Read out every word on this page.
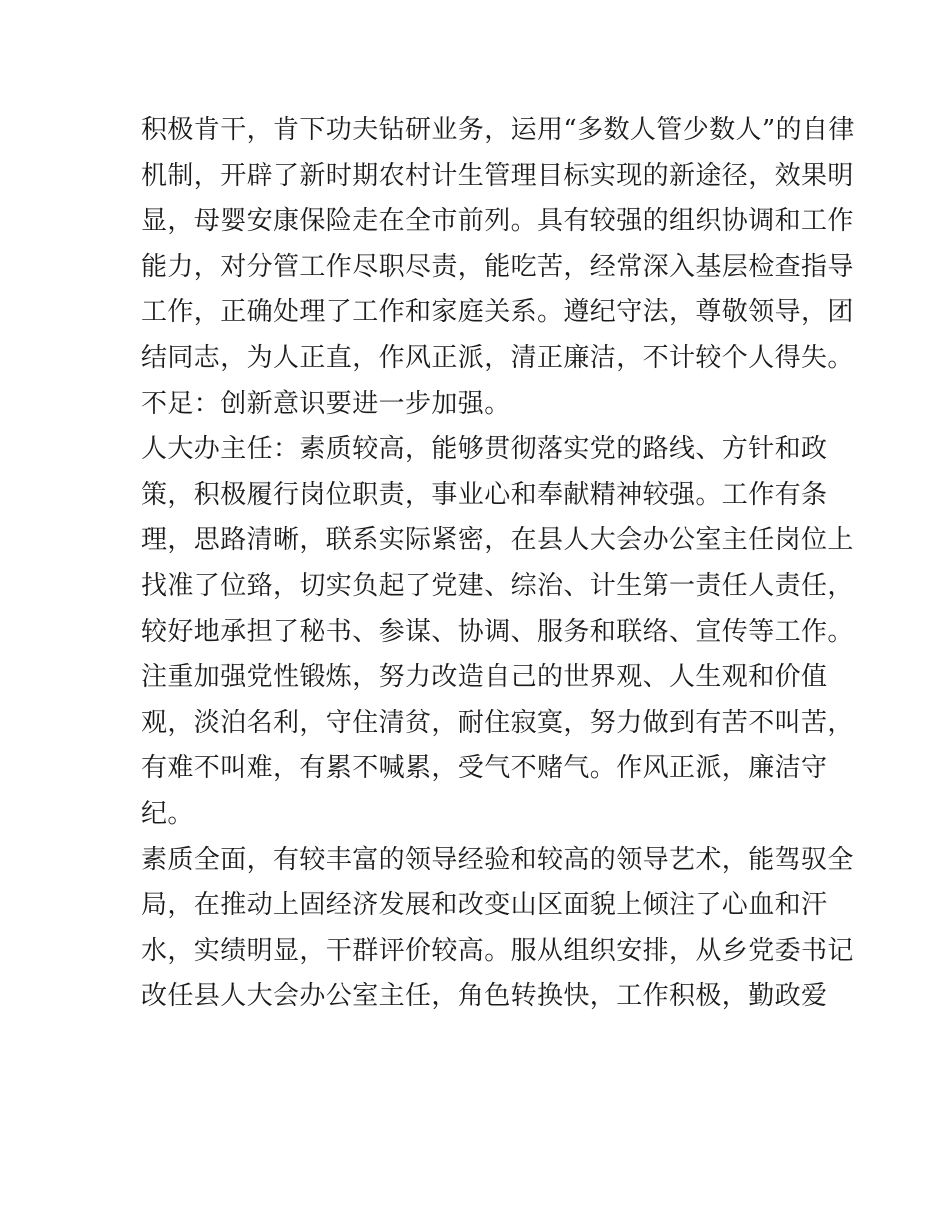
积极肯干，肯下功夫钻研业务，运用“多数人管少数人”的自律
机制，开辟了新时期农村计生管理目标实现的新途径，效果明
显，母婴安康保险走在全市前列。具有较强的组织协调和工作
能力，对分管工作尽职尽责，能吃苦，经常深入基层检查指导
工作，正确处理了工作和家庭关系。遵纪守法，尊敬领导，团
结同志，为人正直，作风正派，清正廉洁，不计较个人得失。
不足：创新意识要进一步加强。
人大办主任：素质较高，能够贯彻落实党的路线、方针和政
策，积极履行岗位职责，事业心和奉献精神较强。工作有条
理，思路清晰，联系实际紧密，在县人大会办公室主任岗位上
找准了位臵，切实负起了党建、综治、计生第一责任人责任，
较好地承担了秘书、参谋、协调、服务和联络、宣传等工作。
注重加强党性锻炼，努力改造自己的世界观、人生观和价值
观，淡泊名利，守住清贫，耐住寂寞，努力做到有苦不叫苦，
有难不叫难，有累不喊累，受气不赌气。作风正派，廉洁守
纪。
素质全面，有较丰富的领导经验和较高的领导艺术，能驾驭全
局，在推动上固经济发展和改变山区面貌上倾注了心血和汗
水，实绩明显，干群评价较高。服从组织安排，从乡党委书记
改任县人大会办公室主任，角色转换快，工作积极，勤政爱
